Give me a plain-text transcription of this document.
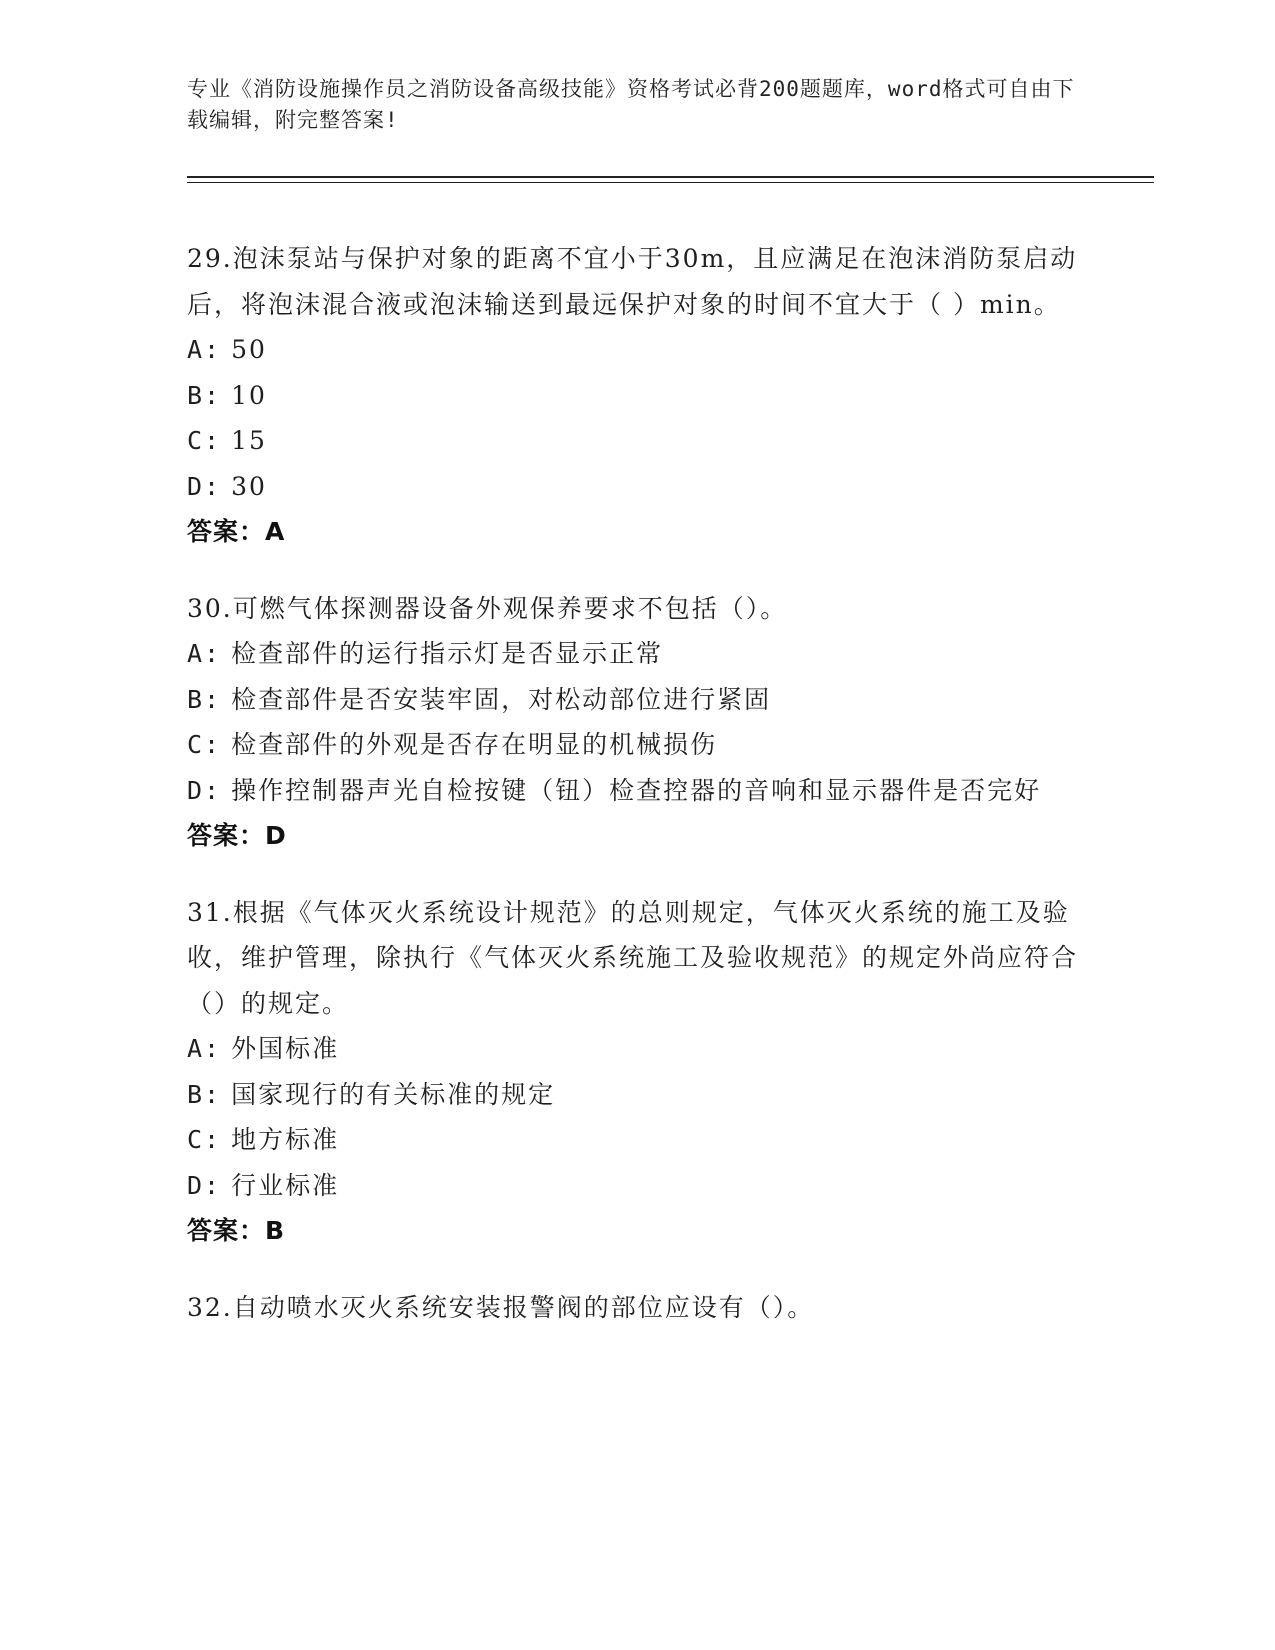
专业《消防设施操作员之消防设备高级技能》资格考试必背200题题库，word格式可自由下载编辑，附完整答案!
29.泡沫泵站与保护对象的距离不宜小于30m，且应满足在泡沫消防泵启动后，将泡沫混合液或泡沫输送到最远保护对象的时间不宜大于（ ）min。
A: 50
B: 10
C: 15
D: 30
答案：A
30.可燃气体探测器设备外观保养要求不包括（）。
A: 检查部件的运行指示灯是否显示正常
B: 检查部件是否安装牢固，对松动部位进行紧固
C: 检查部件的外观是否存在明显的机械损伤
D: 操作控制器声光自检按键（钮）检查控器的音响和显示器件是否完好
答案：D
31.根据《气体灭火系统设计规范》的总则规定，气体灭火系统的施工及验收，维护管理，除执行《气体灭火系统施工及验收规范》的规定外尚应符合（）的规定。
A: 外国标准
B: 国家现行的有关标准的规定
C: 地方标准
D: 行业标准
答案：B
32.自动喷水灭火系统安装报警阀的部位应设有（）。
